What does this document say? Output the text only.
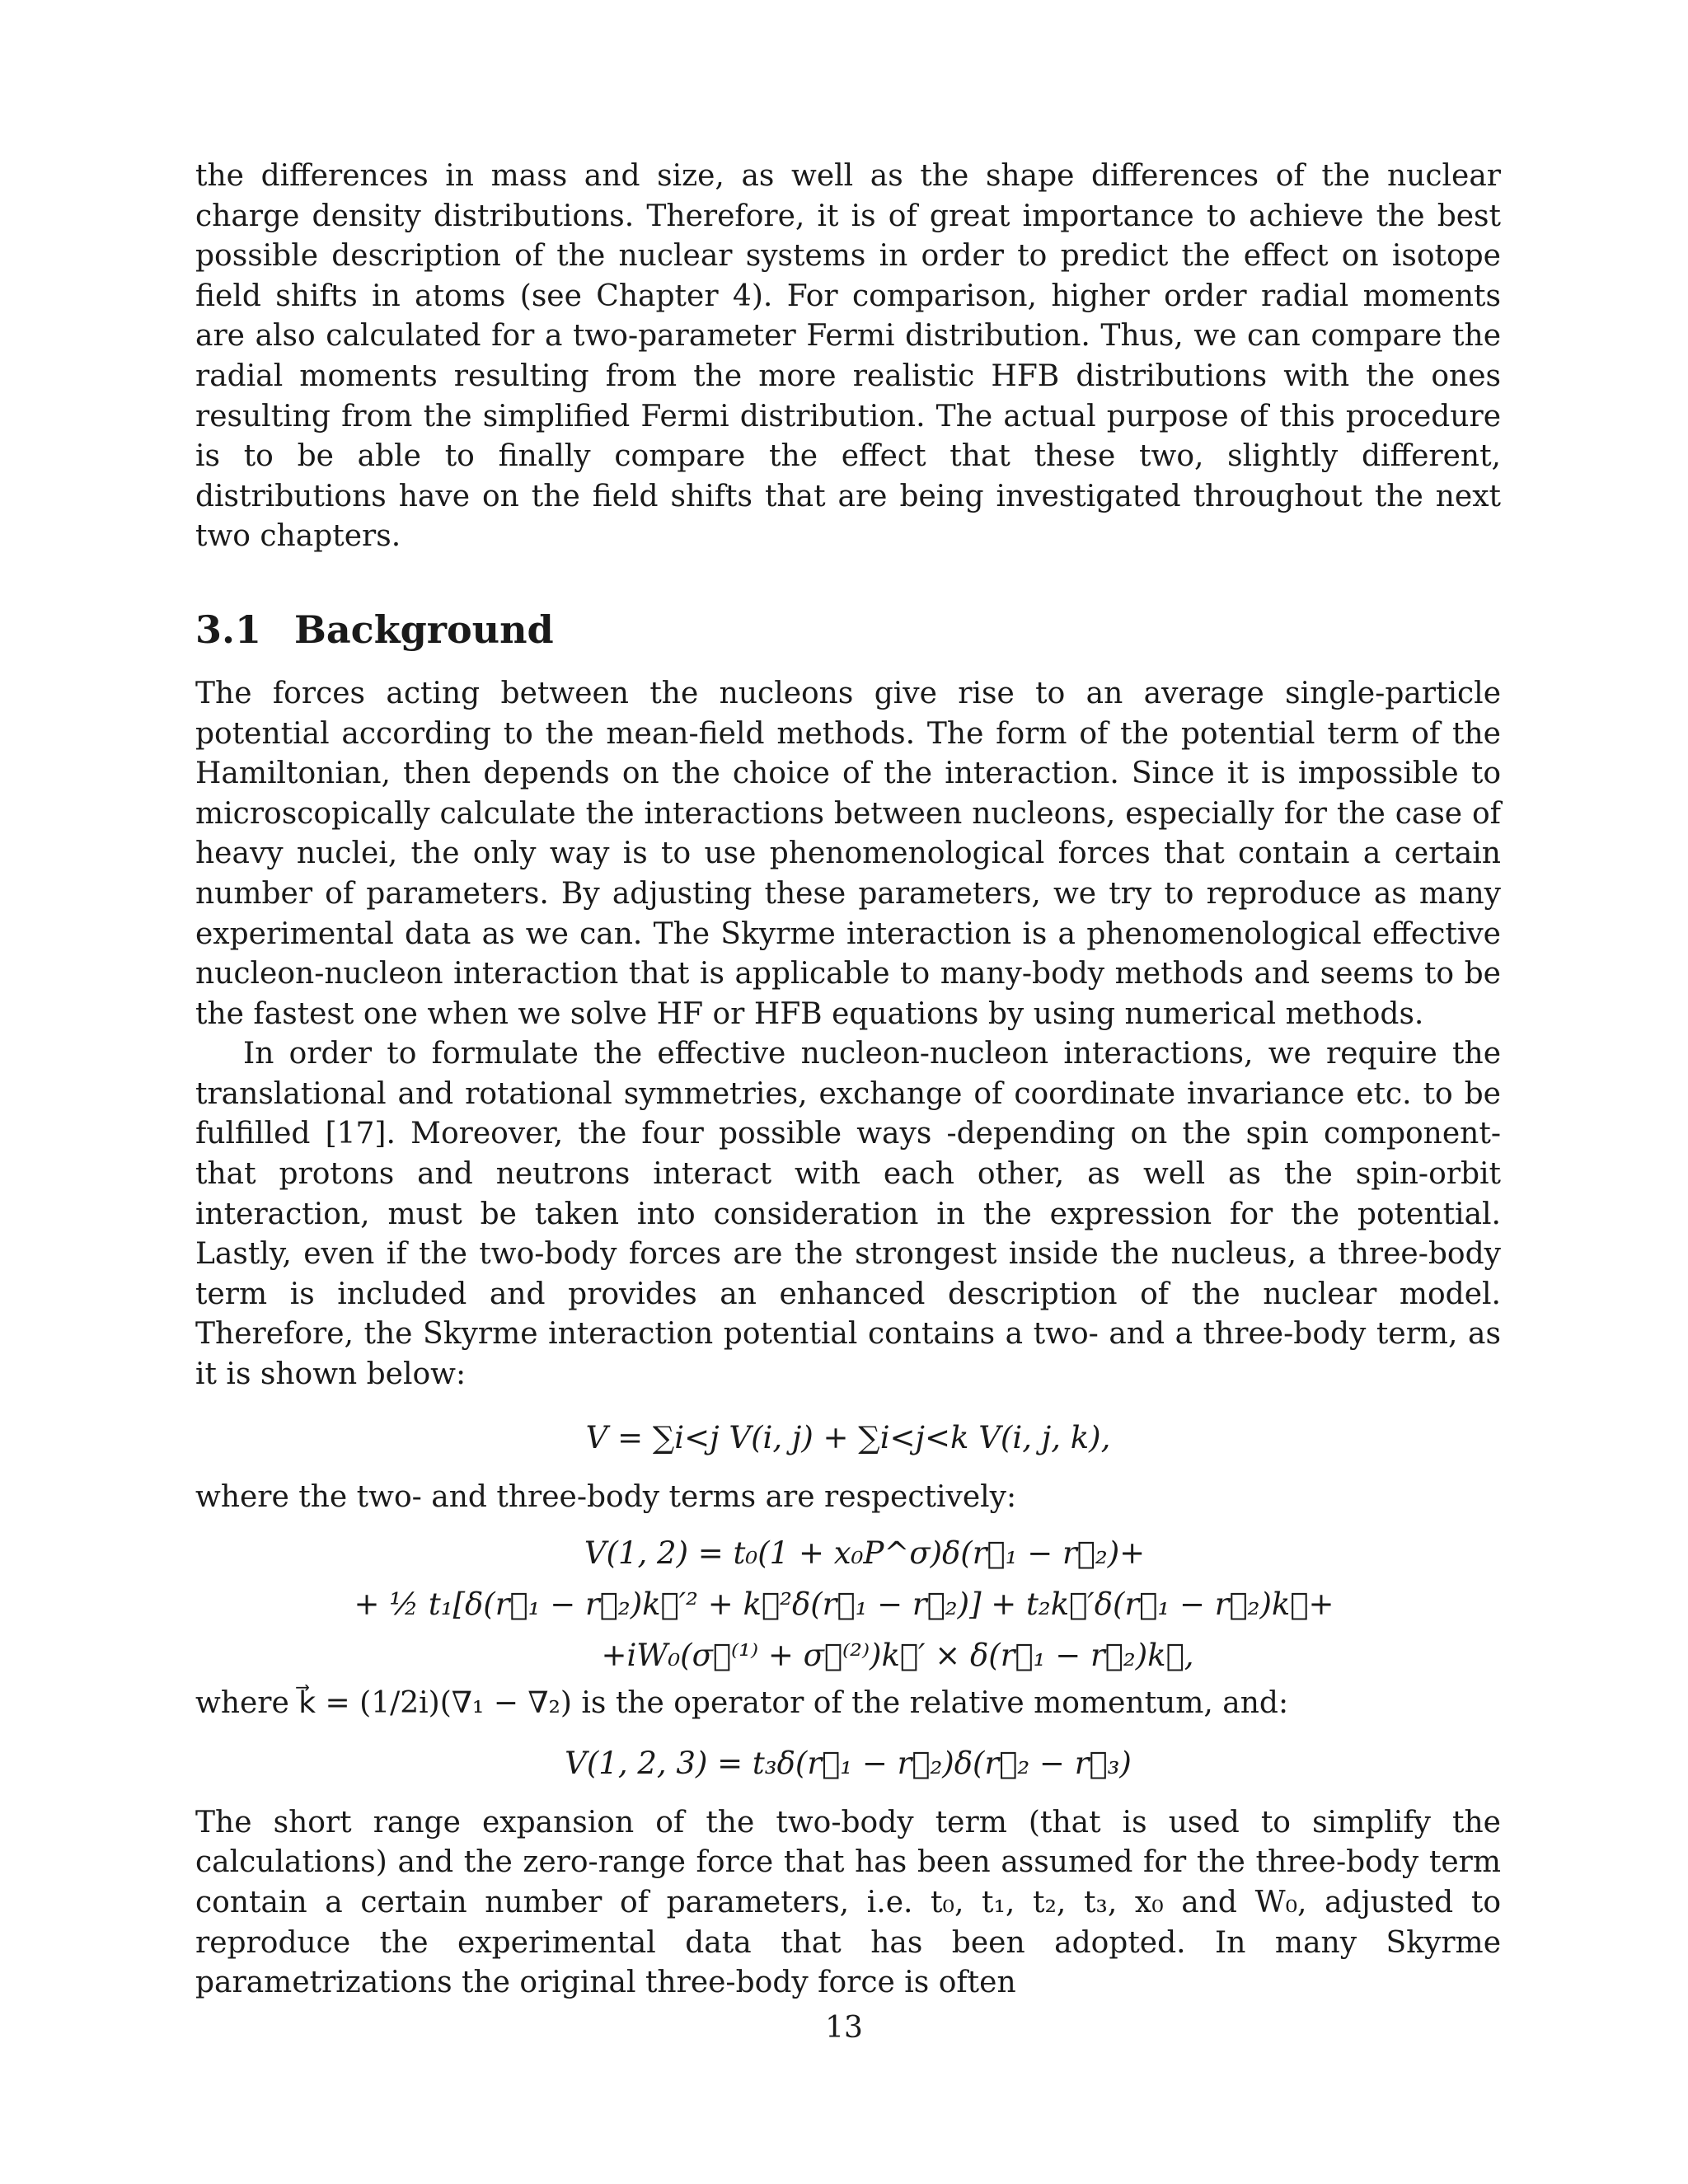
the differences in mass and size, as well as the shape differences of the nuclear charge density distributions. Therefore, it is of great importance to achieve the best possible description of the nuclear systems in order to predict the effect on isotope field shifts in atoms (see Chapter 4). For comparison, higher order radial moments are also calculated for a two-parameter Fermi distribution. Thus, we can compare the radial moments resulting from the more realistic HFB distributions with the ones resulting from the simplified Fermi distribution. The actual purpose of this procedure is to be able to finally compare the effect that these two, slightly different, distributions have on the field shifts that are being investigated throughout the next two chapters.

3.1 Background

The forces acting between the nucleons give rise to an average single-particle potential according to the mean-field methods. The form of the potential term of the Hamiltonian, then depends on the choice of the interaction. Since it is impossible to microscopically calculate the interactions between nucleons, especially for the case of heavy nuclei, the only way is to use phenomenological forces that contain a certain number of parameters. By adjusting these parameters, we try to reproduce as many experimental data as we can. The Skyrme interaction is a phenomenological effective nucleon-nucleon interaction that is applicable to many-body methods and seems to be the fastest one when we solve HF or HFB equations by using numerical methods.

In order to formulate the effective nucleon-nucleon interactions, we require the translational and rotational symmetries, exchange of coordinate invariance etc. to be fulfilled [17]. Moreover, the four possible ways -depending on the spin component- that protons and neutrons interact with each other, as well as the spin-orbit interaction, must be taken into consideration in the expression for the potential. Lastly, even if the two-body forces are the strongest inside the nucleus, a three-body term is included and provides an enhanced description of the nuclear model. Therefore, the Skyrme interaction potential contains a two- and a three-body term, as it is shown below:

V = ∑i<j V(i, j) + ∑i<j<k V(i, j, k),

where the two- and three-body terms are respectively:

V(1, 2) = t₀(1 + x₀P^σ)δ(r⃗₁ − r⃗₂)+
+ ½ t₁[δ(r⃗₁ − r⃗₂)k⃗′² + k⃗²δ(r⃗₁ − r⃗₂)] + t₂k⃗′δ(r⃗₁ − r⃗₂)k⃗+
+iW₀(σ⃗⁽¹⁾ + σ⃗⁽²⁾)k⃗′ × δ(r⃗₁ − r⃗₂)k⃗,

where k⃗ = (1/2i)(∇₁ − ∇₂) is the operator of the relative momentum, and:

V(1, 2, 3) = t₃δ(r⃗₁ − r⃗₂)δ(r⃗₂ − r⃗₃)

The short range expansion of the two-body term (that is used to simplify the calculations) and the zero-range force that has been assumed for the three-body term contain a certain number of parameters, i.e. t₀, t₁, t₂, t₃, x₀ and W₀, adjusted to reproduce the experimental data that has been adopted. In many Skyrme parametrizations the original three-body force is often

13
